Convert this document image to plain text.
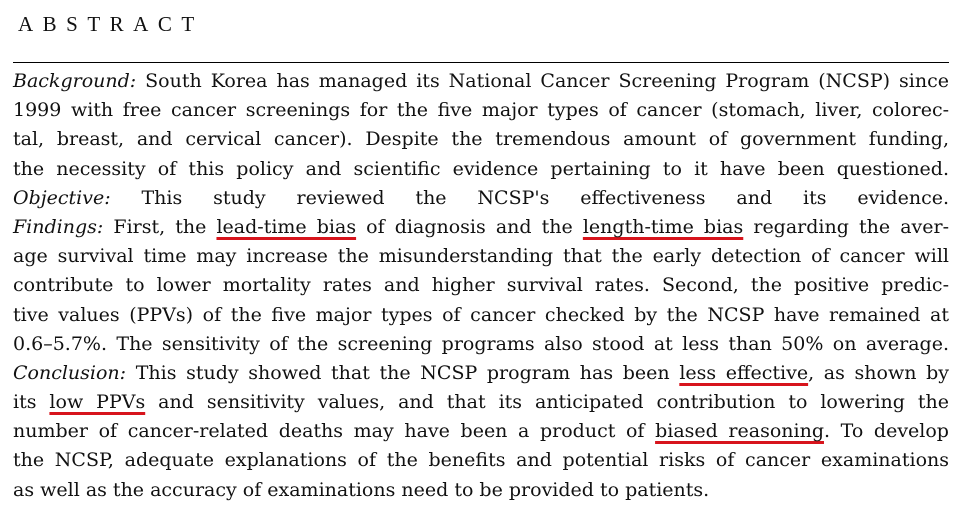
ABSTRACT
Background: South Korea has managed its National Cancer Screening Program (NCSP) since
1999 with free cancer screenings for the five major types of cancer (stomach, liver, colorec-
tal, breast, and cervical cancer). Despite the tremendous amount of government funding,
the necessity of this policy and scientific evidence pertaining to it have been questioned.
Objective: This study reviewed the NCSP's effectiveness and its evidence.
Findings: First, the lead-time bias of diagnosis and the length-time bias regarding the aver-
age survival time may increase the misunderstanding that the early detection of cancer will
contribute to lower mortality rates and higher survival rates. Second, the positive predic-
tive values (PPVs) of the five major types of cancer checked by the NCSP have remained at
0.6–5.7%. The sensitivity of the screening programs also stood at less than 50% on average.
Conclusion: This study showed that the NCSP program has been less effective, as shown by
its low PPVs and sensitivity values, and that its anticipated contribution to lowering the
number of cancer-related deaths may have been a product of biased reasoning. To develop
the NCSP, adequate explanations of the benefits and potential risks of cancer examinations
as well as the accuracy of examinations need to be provided to patients.
